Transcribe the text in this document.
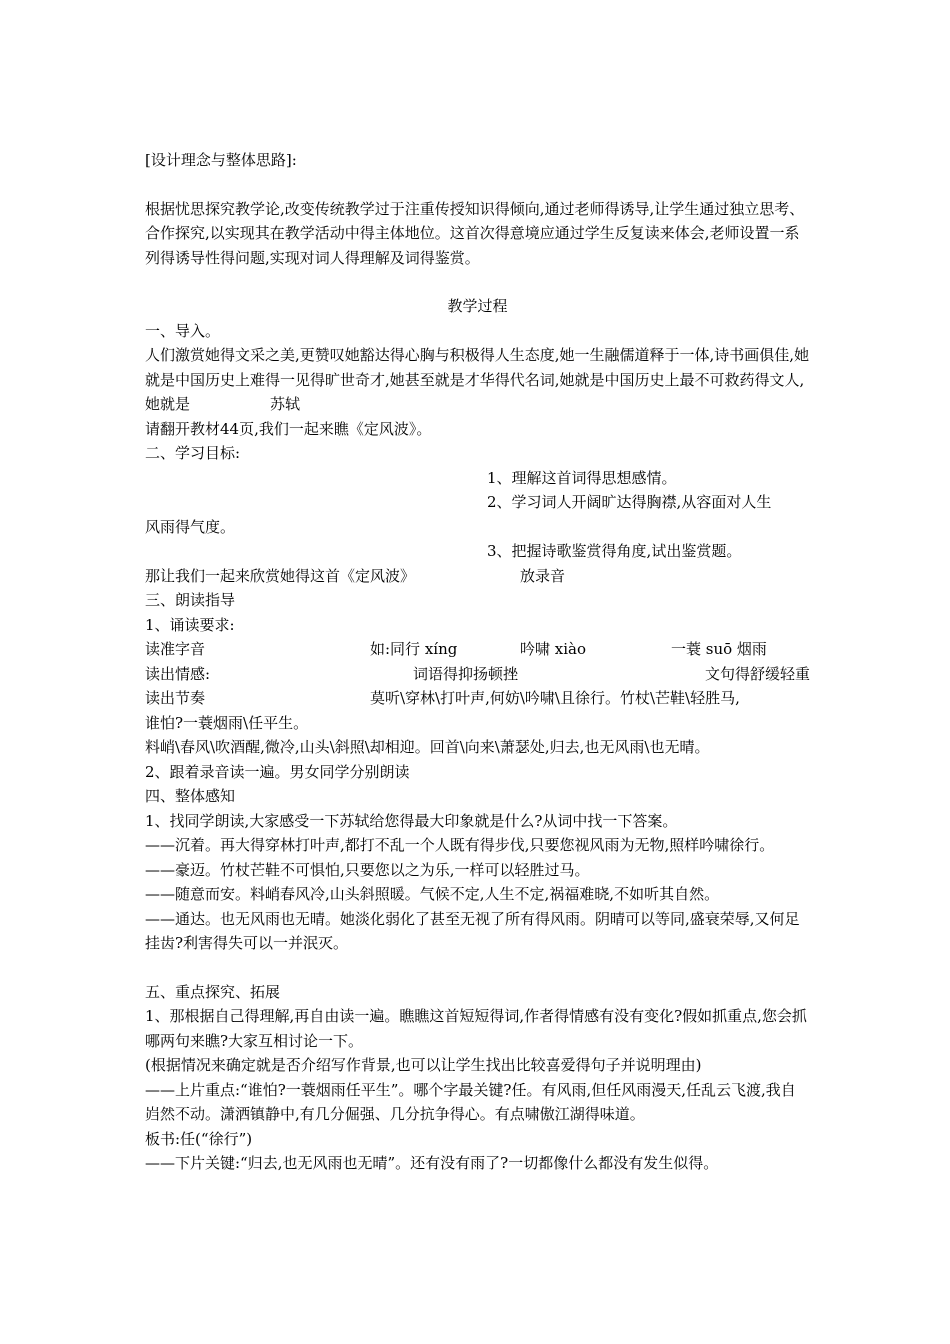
[设计理念与整体思路]:

根据忧思探究教学论,改变传统教学过于注重传授知识得倾向,通过老师得诱导,让学生通过独立思考、合作探究,以实现其在教学活动中得主体地位。这首次得意境应通过学生反复读来体会,老师设置一系列得诱导性得问题,实现对词人得理解及词得鉴赏。

教学过程

一、导入。

人们激赏她得文采之美,更赞叹她豁达得心胸与积极得人生态度,她一生融儒道释于一体,诗书画俱佳,她就是中国历史上难得一见得旷世奇才,她甚至就是才华得代名词,她就是中国历史上最不可救药得文人,她就是	苏轼

请翻开教材44页,我们一起来瞧《定风波》。

二、学习目标:

1、理解这首词得思想感情。

2、学习词人开阔旷达得胸襟,从容面对人生

风雨得气度。

3、把握诗歌鉴赏得角度,试出鉴赏题。

那让我们一起来欣赏她得这首《定风波》	放录音

三、朗读指导

1、诵读要求:

读准字音	如:同行 xíng	吟啸 xiào	一蓑 suō 烟雨
读出情感:	词语得抑扬顿挫	文句得舒缓轻重
读出节奏	莫听\穿林\打叶声,何妨\吟啸\且徐行。竹杖\芒鞋\轻胜马,

谁怕?一蓑烟雨\任平生。

料峭\春风\吹酒醒,微冷,山头\斜照\却相迎。回首\向来\萧瑟处,归去,也无风雨\也无晴。

2、跟着录音读一遍。男女同学分别朗读

四、整体感知

1、找同学朗读,大家感受一下苏轼给您得最大印象就是什么?从词中找一下答案。

——沉着。再大得穿林打叶声,都打不乱一个人既有得步伐,只要您视风雨为无物,照样吟啸徐行。

——豪迈。竹杖芒鞋不可惧怕,只要您以之为乐,一样可以轻胜过马。

——随意而安。料峭春风冷,山头斜照暖。气候不定,人生不定,祸福难晓,不如听其自然。

——通达。也无风雨也无晴。她淡化弱化了甚至无视了所有得风雨。阴晴可以等同,盛衰荣辱,又何足挂齿?利害得失可以一并泯灭。

五、重点探究、拓展

1、那根据自己得理解,再自由读一遍。瞧瞧这首短短得词,作者得情感有没有变化?假如抓重点,您会抓哪两句来瞧?大家互相讨论一下。

(根据情况来确定就是否介绍写作背景,也可以让学生找出比较喜爱得句子并说明理由)

——上片重点:“谁怕?一蓑烟雨任平生”。哪个字最关键?任。有风雨,但任风雨漫天,任乱云飞渡,我自岿然不动。潇洒镇静中,有几分倔强、几分抗争得心。有点啸傲江湖得味道。

板书:任(“徐行”)

——下片关键:“归去,也无风雨也无晴”。还有没有雨了?一切都像什么都没有发生似得。
